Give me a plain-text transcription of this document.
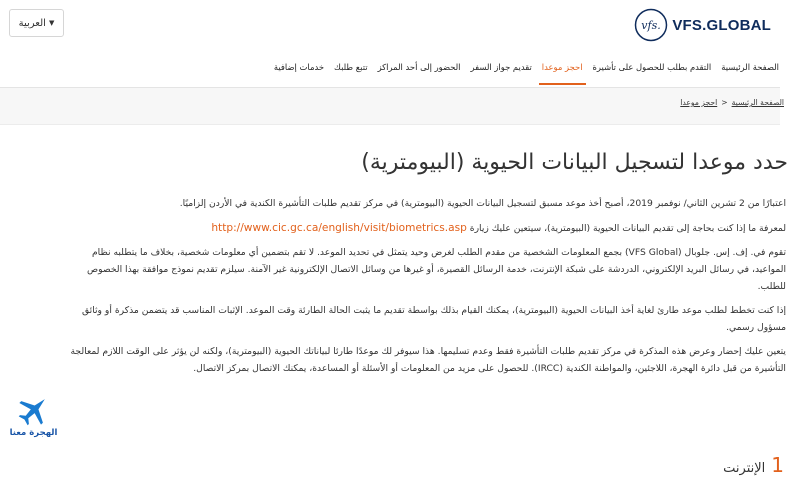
العربية ▼	vfs. VFS.GLOBAL
الصفحة الرئيسية
التقدم بطلب للحصول على تأشيرة
احجز موعدا
تقديم جواز السفر
الحضور إلى أحد المراكز
تتبع طلبك
خدمات إضافية
الصفحة الرئيسية
<
احجز موعدا
حدد موعدا لتسجيل البيانات الحيوية (البيومترية)
اعتبارًا من 2 تشرين الثاني/ نوفمبر 2019، أصبح أخذ موعد مسبق لتسجيل البيانات الحيوية (البيومترية) في مركز تقديم طلبات التأشيرة الكندية في الأردن إلزاميًا.
لمعرفة ما إذا كنت بحاجة إلى تقديم البيانات الحيوية (البيومترية)، سيتعين عليك زيارة http://www.cic.gc.ca/english/visit/biometrics.asp
تقوم في. إف. إس. جلوبال (VFS Global) بجمع المعلومات الشخصية من مقدم الطلب لغرض وحيد يتمثل في تحديد الموعد. لا تقم بتضمين أي معلومات شخصية، بخلاف ما يتطلبه نظام
المواعيد، في رسائل البريد الإلكتروني، الدردشة على شبكة الإنترنت، خدمة الرسائل القصيرة، أو غيرها من وسائل الاتصال الإلكترونية غير الآمنة. سيلزم تقديم نموذج موافقة بهذا الخصوص
للطلب.
إذا كنت تخطط لطلب موعد طارئ لغاية أخذ البيانات الحيوية (البيومترية)، يمكنك القيام بذلك بواسطة تقديم ما يثبت الحالة الطارئة وقت الموعد. الإثبات المناسب قد يتضمن مذكرة أو وثائق
مسؤول رسمي.
يتعين عليك إحضار وعرض هذه المذكرة في مركز تقديم طلبات التأشيرة فقط وعدم تسليمها. هذا سيوفر لك موعدًا طارئا لبياناتك الحيوية (البيومترية)، ولكنه لن يؤثر على الوقت اللازم لمعالجة
التأشيرة من قبل دائرة الهجرة، اللاجئين، والمواطنة الكندية (IRCC). للحصول على مزيد من المعلومات أو الأسئلة أو المساعدة، يمكنك الاتصال بمركز الاتصال.
1
الإنترنت
الهجرة معنا
